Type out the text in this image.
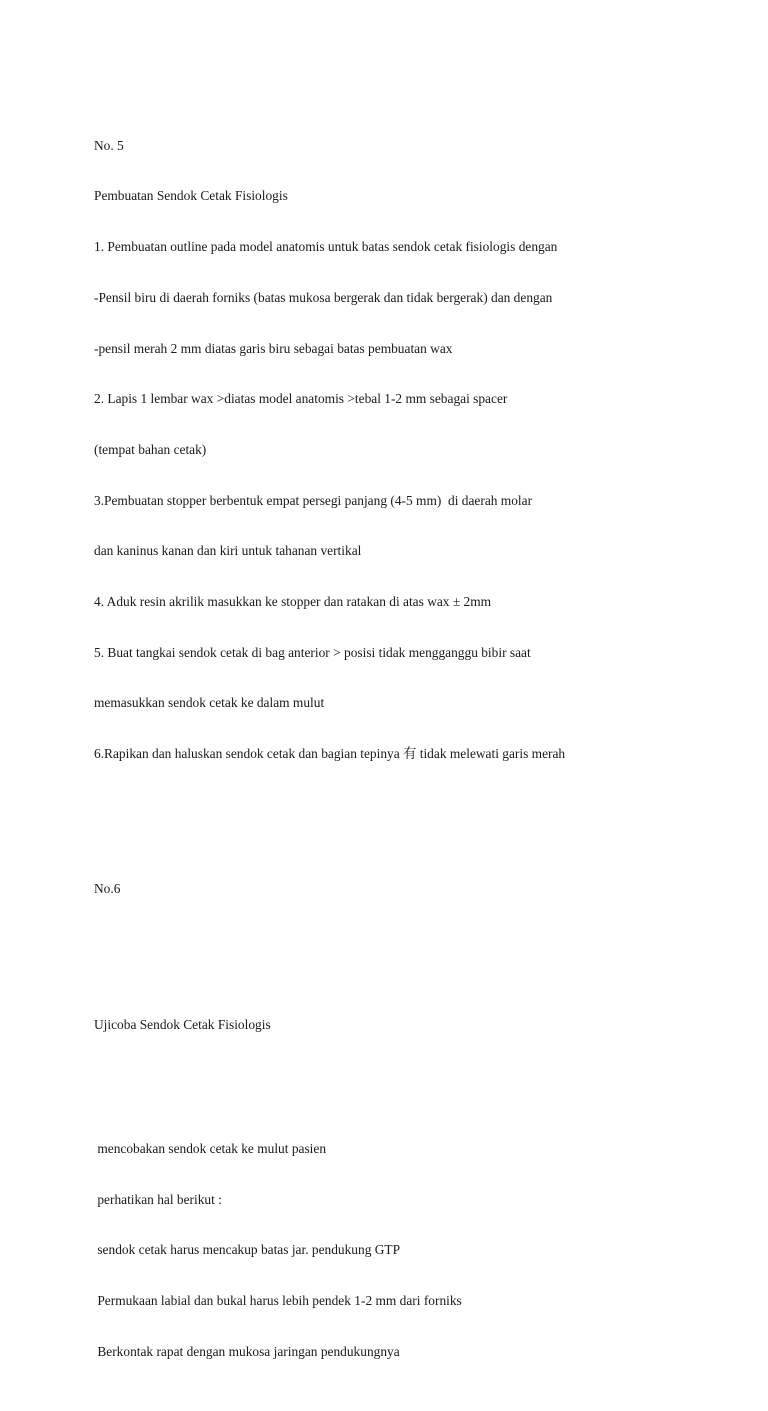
No. 5

Pembuatan Sendok Cetak Fisiologis

1. Pembuatan outline pada model anatomis untuk batas sendok cetak fisiologis dengan

-Pensil biru di daerah forniks (batas mukosa bergerak dan tidak bergerak) dan dengan

-pensil merah 2 mm diatas garis biru sebagai batas pembuatan wax

2. Lapis 1 lembar wax >diatas model anatomis >tebal 1-2 mm sebagai spacer

(tempat bahan cetak)

3.Pembuatan stopper berbentuk empat persegi panjang (4-5 mm)  di daerah molar

dan kaninus kanan dan kiri untuk tahanan vertikal

4. Aduk resin akrilik masukkan ke stopper dan ratakan di atas wax ± 2mm

5. Buat tangkai sendok cetak di bag anterior > posisi tidak mengganggu bibir saat

memasukkan sendok cetak ke dalam mulut

6.Rapikan dan haluskan sendok cetak dan bagian tepinya 有 tidak melewati garis merah

No.6

Ujicoba Sendok Cetak Fisiologis

mencobakan sendok cetak ke mulut pasien

perhatikan hal berikut :

sendok cetak harus mencakup batas jar. pendukung GTP

Permukaan labial dan bukal harus lebih pendek 1-2 mm dari forniks

Berkontak rapat dengan mukosa jaringan pendukungnya
